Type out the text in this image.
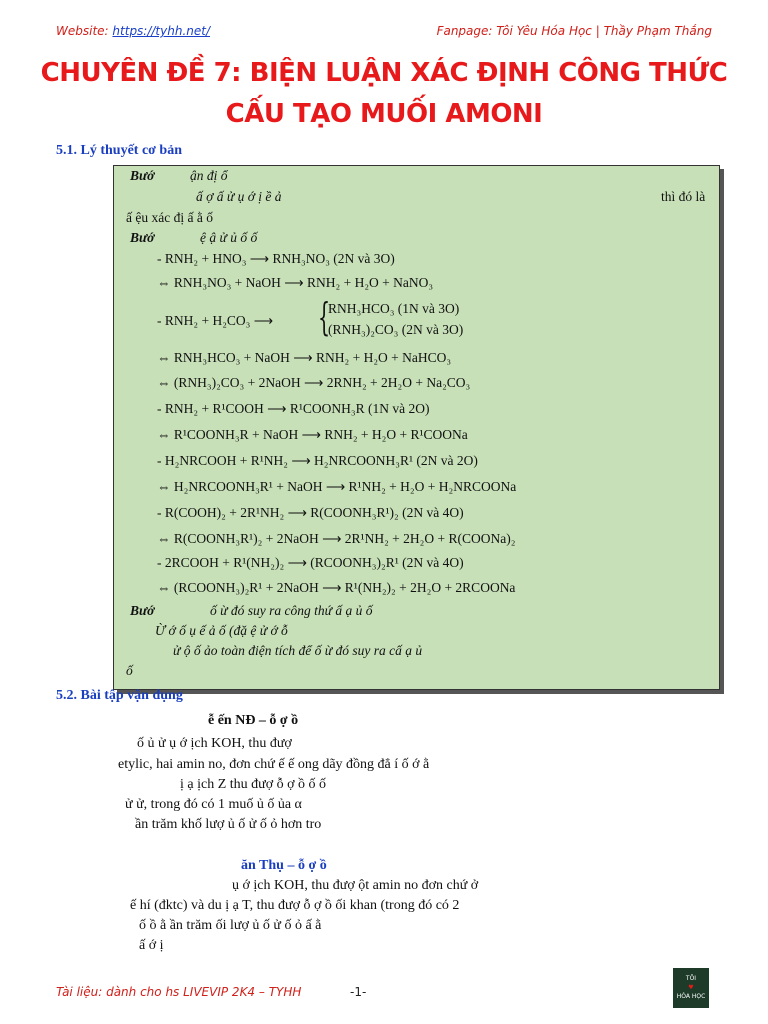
Website: https://tyhh.net/	Fanpage: Tôi Yêu Hóa Học | Thầy Phạm Thắng
CHUYÊN ĐỀ 7: BIỆN LUẬN XÁC ĐỊNH CÔNG THỨC
CẤU TẠO MUỐI AMONI
5.1. Lý thuyết cơ bản
Bướ	ận đị ổ
ấ ợ ấ ử ụ ớ ị ề ả	thì đó là
ấ ệu xác đị ấ ằ ố
Bướ	ệ ậ ử ủ ố ố
- RNH₂ + HNO₃ ⟶ RNH₃NO₃ (2N và 3O)
⇔ RNH₃NO₃ + NaOH ⟶ RNH₂ + H₂O + NaNO₃
- RNH₂ + H₂CO₃ ⟶ {
RNH₃HCO₃ (1N và 3O)
(RNH₃)₂CO₃ (2N và 3O)
⇔ RNH₃HCO₃ + NaOH ⟶ RNH₂ + H₂O + NaHCO₃
⇔ (RNH₃)₂CO₃ + 2NaOH ⟶ 2RNH₂ + 2H₂O + Na₂CO₃
- RNH₂ + R¹COOH ⟶ R¹COONH₃R (1N và 2O)
⇔ R¹COONH₃R + NaOH ⟶ RNH₂ + H₂O + R¹COONa
- H₂NRCOOH + R¹NH₂ ⟶ H₂NRCOONH₃R¹ (2N và 2O)
⇔ H₂NRCOONH₃R¹ + NaOH ⟶ R¹NH₂ + H₂O + H₂NRCOONa
- R(COOH)₂ + 2R¹NH₂ ⟶ R(COONH₃R¹)₂ (2N và 4O)
⇔ R(COONH₃R¹)₂ + 2NaOH ⟶ 2R¹NH₂ + 2H₂O + R(COONa)₂
- 2RCOOH + R¹(NH₂)₂ ⟶ (RCOONH₃)₂R¹ (2N và 4O)
⇔ (RCOONH₃)₂R¹ + 2NaOH ⟶ R¹(NH₂)₂ + 2H₂O + 2RCOONa
Bướ	ố ừ đó suy ra công thứ ấ ạ ủ ố
Ừ ớ ố ụ ế ả ố (đặ ệ ử ớ ỗ
ử ộ ố ảo toàn điện tích để ố ừ đó suy ra cấ ạ ủ
ố
5.2. Bài tập vận dụng
ễ ến NĐ – ỗ ợ ồ
ố ủ ử ụ ớ ịch KOH, thu đượ
etylic, hai amin no, đơn chứ ế ế ong dãy đồng đẳ í ố ớ ằ
ị ạ ịch Z thu đượ ỗ ợ ồ ố ố
ử ử, trong đó có 1 muố ủ ố ủa α
ần trăm khố lượ ủ ố ử ố ỏ hơn tro
ăn Thụ – ỗ ợ ồ
ụ ớ ịch KOH, thu đượ ột amin no đơn chứ ở
ế hí (đktc) và du ị ạ T, thu đượ ỗ ợ ồ ối khan (trong đó có 2
ố ồ ằ ần trăm ối lượ ủ ố ử ố ỏ ấ ằ
ấ ớ ị
Tài liệu: dành cho hs LIVEVIP 2K4 – TYHH	-1-
TÔI
♥
HÓA HỌC
